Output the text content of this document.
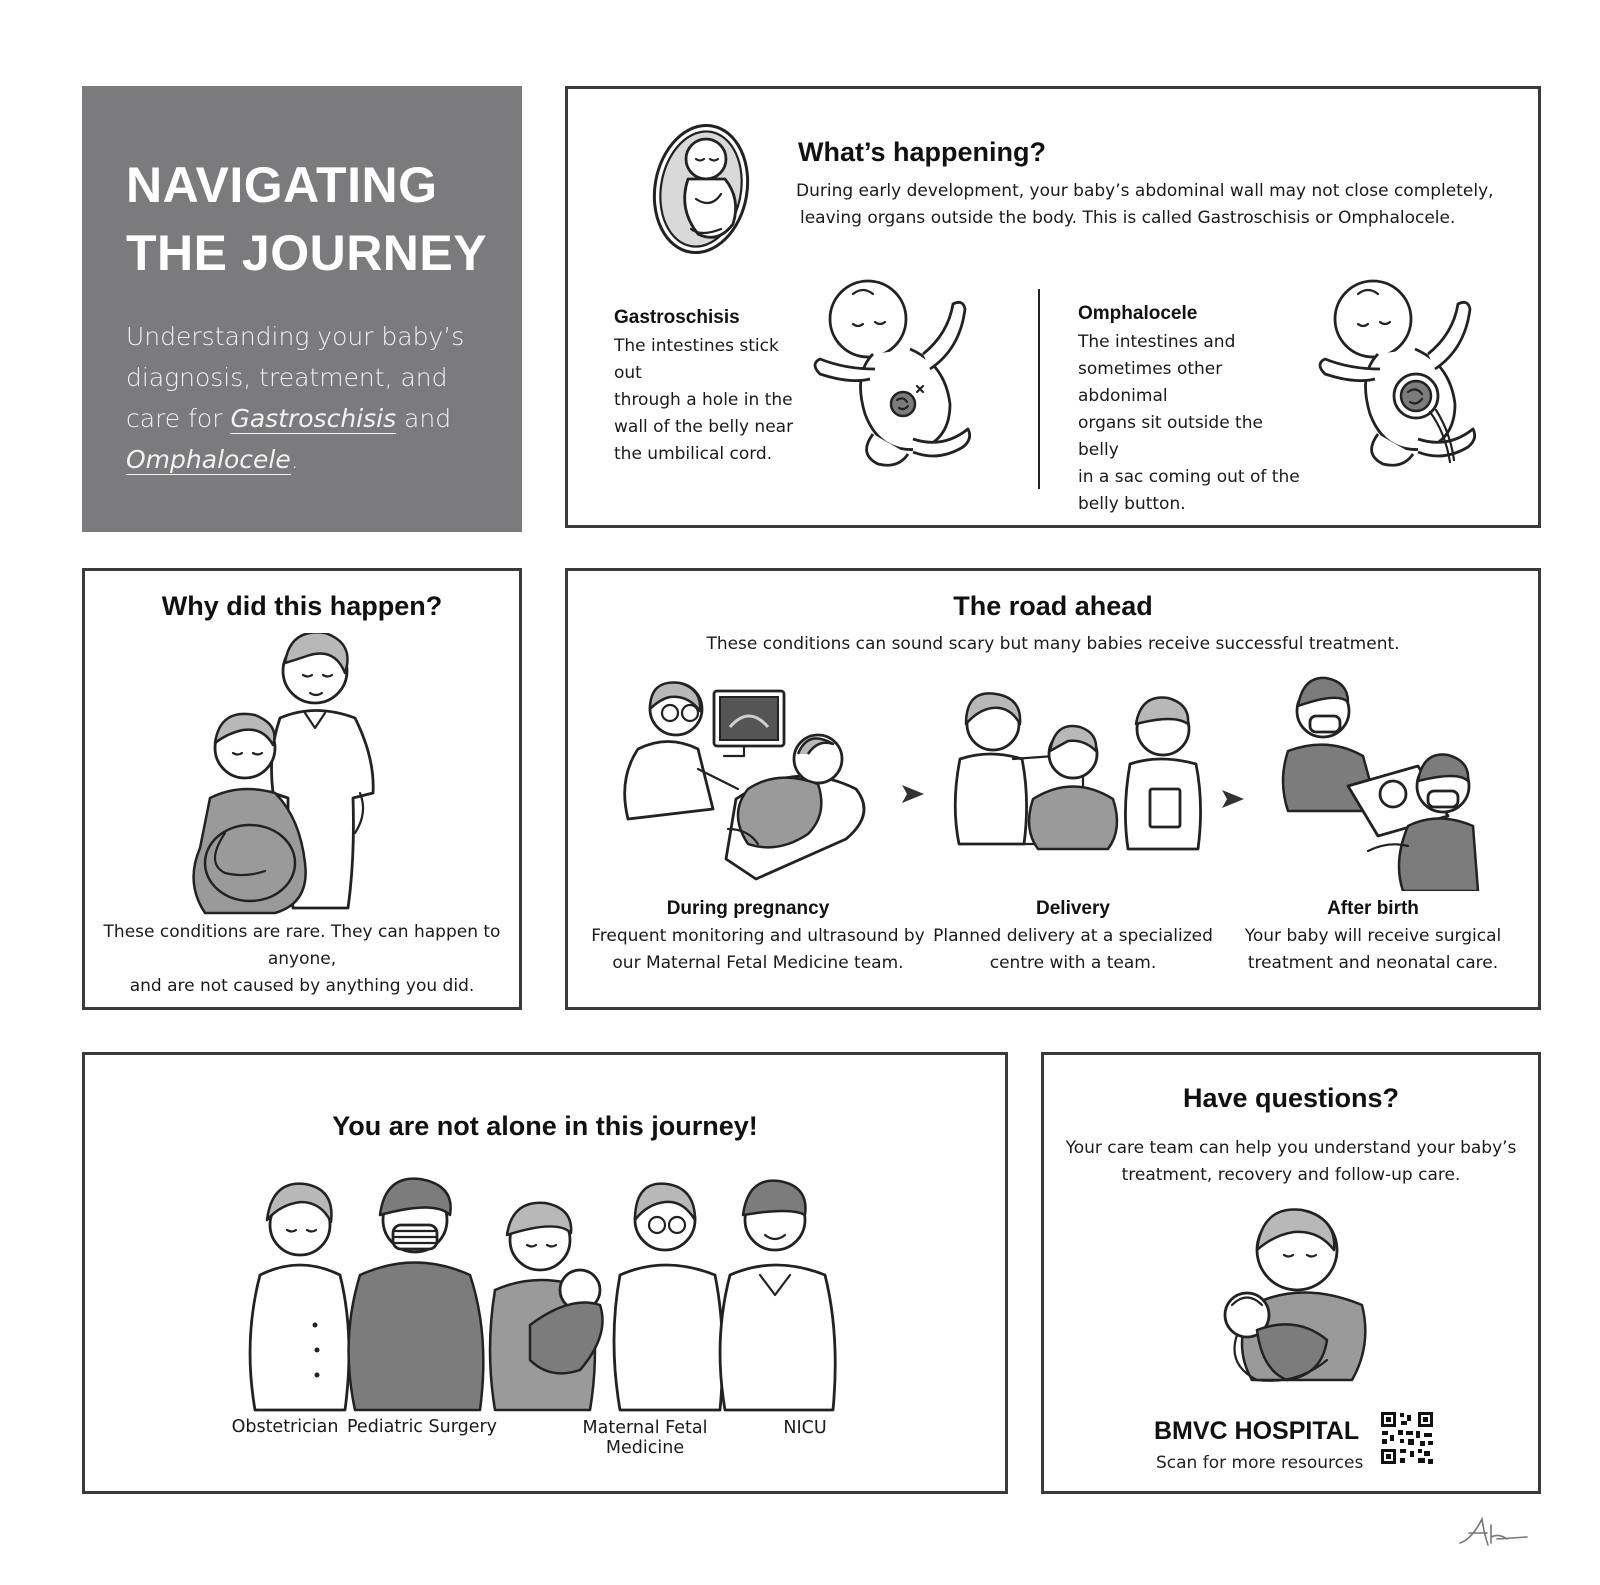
NAVIGATING
THE JOURNEY
Understanding your baby’s diagnosis, treatment, and care for Gastroschisis and Omphalocele.
What’s happening?
During early development, your baby’s abdominal wall may not close completely,
leaving organs outside the body. This is called Gastroschisis or Omphalocele.
Gastroschisis
The intestines stick out
through a hole in the
wall of the belly near
the umbilical cord.
Omphalocele
The intestines and
sometimes other abdonimal
organs sit outside the belly
in a sac coming out of the
belly button.
Why did this happen?
These conditions are rare. They can happen to anyone,
and are not caused by anything you did.
The road ahead
These conditions can sound scary but many babies receive successful treatment.
During pregnancy
Frequent monitoring and ultrasound by
our Maternal Fetal Medicine team.
Delivery
Planned delivery at a specialized
centre with a team.
After birth
Your baby will receive surgical
treatment and neonatal care.
You are not alone in this journey!
Obstetrician Pediatric Surgery	Maternal Fetal Medicine
NICU
Have questions?
Your care team can help you understand your baby’s
treatment, recovery and follow-up care.
BMVC HOSPITAL
Scan for more resources
